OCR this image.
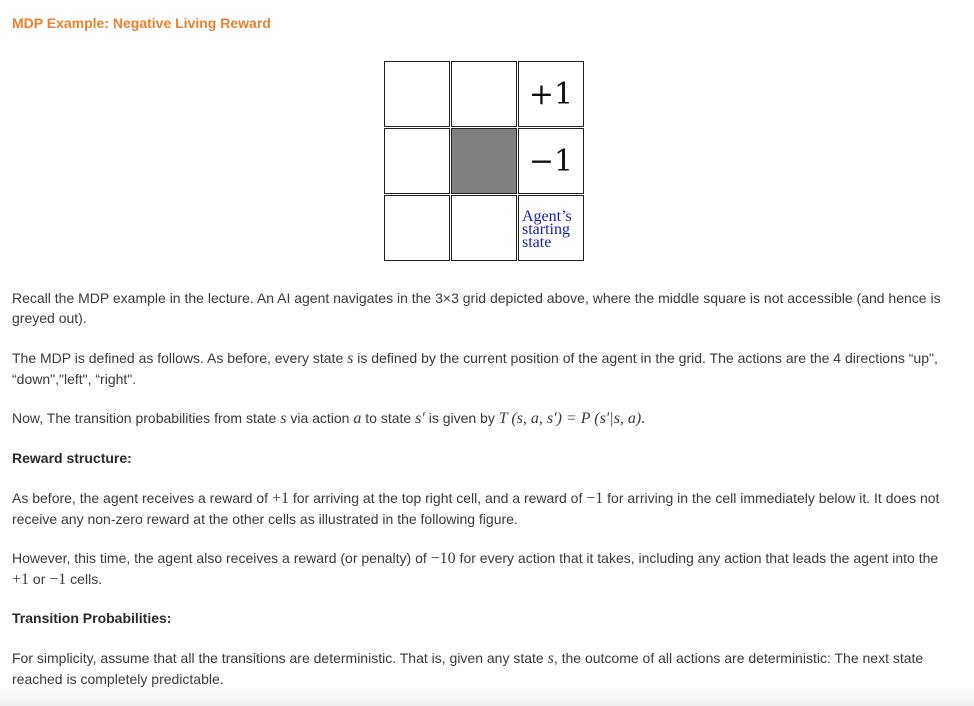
MDP Example: Negative Living Reward
+1
−1
Agent’s
starting
state

Recall the MDP example in the lecture. An AI agent navigates in the 3×3 grid depicted above, where the middle square is not accessible (and hence is greyed out).

The MDP is defined as follows. As before, every state s is defined by the current position of the agent in the grid. The actions are the 4 directions “up", “down","left", “right".

Now, The transition probabilities from state s via action a to state s′ is given by T (s, a, s′) = P (s′|s, a).

Reward structure:

As before, the agent receives a reward of +1 for arriving at the top right cell, and a reward of −1 for arriving in the cell immediately below it. It does not receive any non-zero reward at the other cells as illustrated in the following figure.

However, this time, the agent also receives a reward (or penalty) of −10 for every action that it takes, including any action that leads the agent into the +1 or −1 cells.

Transition Probabilities:

For simplicity, assume that all the transitions are deterministic. That is, given any state s, the outcome of all actions are deterministic: The next state reached is completely predictable.
